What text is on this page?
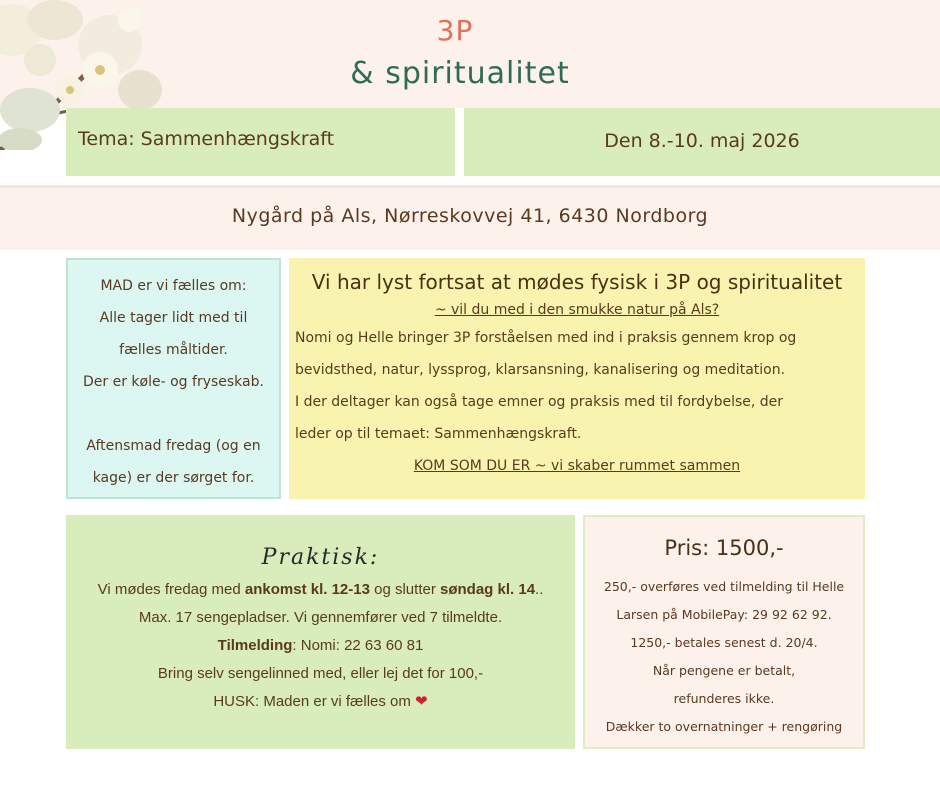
3P
& spiritualitet
Tema: Sammenhængskraft	Den 8.-10. maj 2026
Nygård på Als, Nørreskovvej 41, 6430 Nordborg

MAD er vi fælles om:

Alle tager lidt med til

fælles måltider.

Der er køle- og fryseskab.

Aftensmad fredag (og en

kage) er der sørget for.

Vi har lyst fortsat at mødes fysisk i 3P og spiritualitet
~ vil du med i den smukke natur på Als?

Nomi og Helle bringer 3P forståelsen med ind i praksis gennem krop og

bevidsthed, natur, lyssprog, klarsansning, kanalisering og meditation.

I der deltager kan også tage emner og praksis med til fordybelse, der

leder op til temaet: Sammenhængskraft.

KOM SOM DU ER ~ vi skaber rummet sammen
Praktisk:

Vi mødes fredag med ankomst kl. 12-13 og slutter søndag kl. 14..

Max. 17 sengepladser. Vi gennemfører ved 7 tilmeldte.

Tilmelding: Nomi: 22 63 60 81

Bring selv sengelinned med, eller lej det for 100,-

HUSK: Maden er vi fælles om ❤

Pris: 1500,-

250,- overføres ved tilmelding til Helle

Larsen på MobilePay: 29 92 62 92.

1250,- betales senest d. 20/4.

Når pengene er betalt,

refunderes ikke.

Dækker to overnatninger + rengøring
